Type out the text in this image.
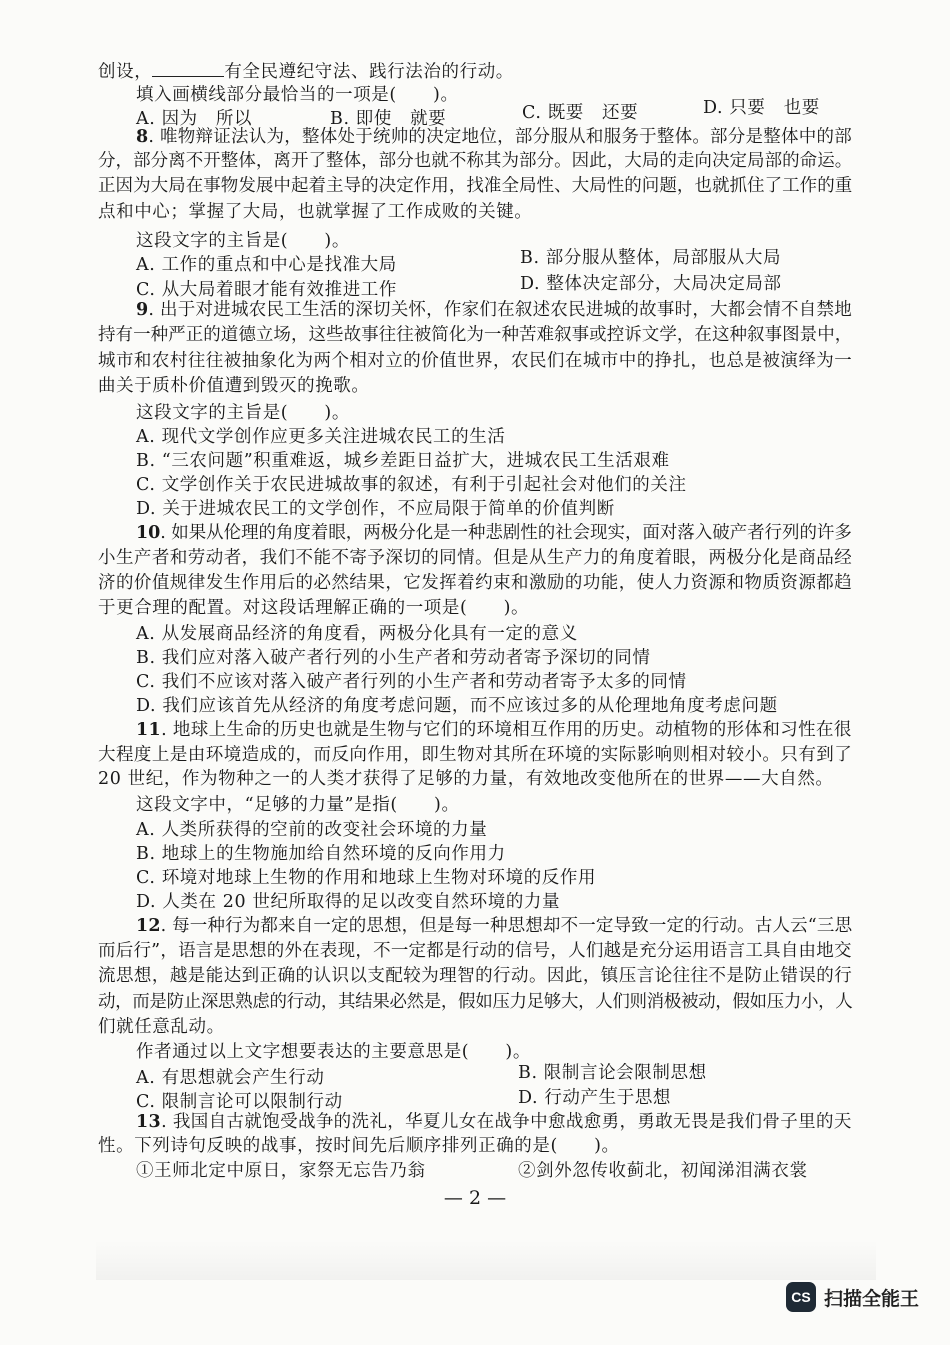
创设，	有全民遵纪守法、践行法治的行动。
填入画横线部分最恰当的一项是(　　)。
A. 因为　所以	B. 即使　就要	C. 既要　还要	D. 只要　也要
8. 唯物辩证法认为，整体处于统帅的决定地位，部分服从和服务于整体。部分是整体中的部
分，部分离不开整体，离开了整体，部分也就不称其为部分。因此，大局的走向决定局部的命运。
正因为大局在事物发展中起着主导的决定作用，找准全局性、大局性的问题，也就抓住了工作的重
点和中心；掌握了大局，也就掌握了工作成败的关键。
这段文字的主旨是(　　)。
A. 工作的重点和中心是找准大局	B. 部分服从整体，局部服从大局
C. 从大局着眼才能有效推进工作	D. 整体决定部分，大局决定局部
9. 出于对进城农民工生活的深切关怀，作家们在叙述农民进城的故事时，大都会情不自禁地
持有一种严正的道德立场，这些故事往往被简化为一种苦难叙事或控诉文学，在这种叙事图景中，
城市和农村往往被抽象化为两个相对立的价值世界，农民们在城市中的挣扎，也总是被演绎为一
曲关于质朴价值遭到毁灭的挽歌。
这段文字的主旨是(　　)。
A. 现代文学创作应更多关注进城农民工的生活
B. “三农问题”积重难返，城乡差距日益扩大，进城农民工生活艰难
C. 文学创作关于农民进城故事的叙述，有利于引起社会对他们的关注
D. 关于进城农民工的文学创作，不应局限于简单的价值判断
10. 如果从伦理的角度着眼，两极分化是一种悲剧性的社会现实，面对落入破产者行列的许多
小生产者和劳动者，我们不能不寄予深切的同情。但是从生产力的角度着眼，两极分化是商品经
济的价值规律发生作用后的必然结果，它发挥着约束和激励的功能，使人力资源和物质资源都趋
于更合理的配置。对这段话理解正确的一项是(　　)。
A. 从发展商品经济的角度看，两极分化具有一定的意义
B. 我们应对落入破产者行列的小生产者和劳动者寄予深切的同情
C. 我们不应该对落入破产者行列的小生产者和劳动者寄予太多的同情
D. 我们应该首先从经济的角度考虑问题，而不应该过多的从伦理地角度考虑问题
11. 地球上生命的历史也就是生物与它们的环境相互作用的历史。动植物的形体和习性在很
大程度上是由环境造成的，而反向作用，即生物对其所在环境的实际影响则相对较小。只有到了
20 世纪，作为物种之一的人类才获得了足够的力量，有效地改变他所在的世界——大自然。
这段文字中，“足够的力量”是指(　　)。
A. 人类所获得的空前的改变社会环境的力量
B. 地球上的生物施加给自然环境的反向作用力
C. 环境对地球上生物的作用和地球上生物对环境的反作用
D. 人类在 20 世纪所取得的足以改变自然环境的力量
12. 每一种行为都来自一定的思想，但是每一种思想却不一定导致一定的行动。古人云“三思
而后行”，语言是思想的外在表现，不一定都是行动的信号，人们越是充分运用语言工具自由地交
流思想，越是能达到正确的认识以支配较为理智的行动。因此，镇压言论往往不是防止错误的行
动，而是防止深思熟虑的行动，其结果必然是，假如压力足够大，人们则消极被动，假如压力小，人
们就任意乱动。
作者通过以上文字想要表达的主要意思是(　　)。
A. 有思想就会产生行动	B. 限制言论会限制思想
C. 限制言论可以限制行动	D. 行动产生于思想
13. 我国自古就饱受战争的洗礼，华夏儿女在战争中愈战愈勇，勇敢无畏是我们骨子里的天
性。下列诗句反映的战事，按时间先后顺序排列正确的是(　　)。
①王师北定中原日，家祭无忘告乃翁	②剑外忽传收蓟北，初闻涕泪满衣裳
— 2 —
CS 扫描全能王
